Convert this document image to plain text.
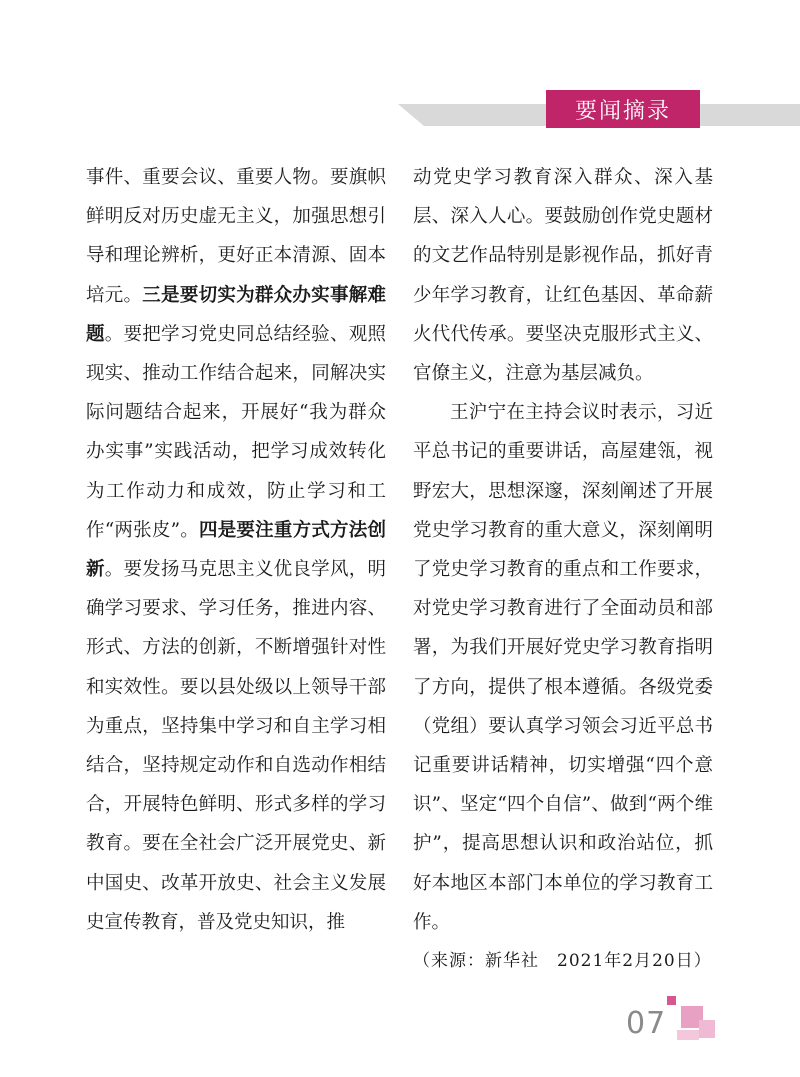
要闻摘录

事件、重要会议、重要人物。要旗帜鲜明反对历史虚无主义，加强思想引导和理论辨析，更好正本清源、固本培元。三是要切实为群众办实事解难题。要把学习党史同总结经验、观照现实、推动工作结合起来，同解决实际问题结合起来，开展好“我为群众办实事”实践活动，把学习成效转化为工作动力和成效，防止学习和工作“两张皮”。四是要注重方式方法创新。要发扬马克思主义优良学风，明确学习要求、学习任务，推进内容、形式、方法的创新，不断增强针对性和实效性。要以县处级以上领导干部为重点，坚持集中学习和自主学习相结合，坚持规定动作和自选动作相结合，开展特色鲜明、形式多样的学习教育。要在全社会广泛开展党史、新中国史、改革开放史、社会主义发展史宣传教育，普及党史知识，推

动党史学习教育深入群众、深入基层、深入人心。要鼓励创作党史题材的文艺作品特别是影视作品，抓好青少年学习教育，让红色基因、革命薪火代代传承。要坚决克服形式主义、官僚主义，注意为基层减负。

王沪宁在主持会议时表示，习近平总书记的重要讲话，高屋建瓴，视野宏大，思想深邃，深刻阐述了开展党史学习教育的重大意义，深刻阐明了党史学习教育的重点和工作要求，对党史学习教育进行了全面动员和部署，为我们开展好党史学习教育指明了方向，提供了根本遵循。各级党委（党组）要认真学习领会习近平总书记重要讲话精神，切实增强“四个意识”、坚定“四个自信”、做到“两个维护”，提高思想认识和政治站位，抓好本地区本部门本单位的学习教育工作。

（来源：新华社　2021年2月20日）

07
